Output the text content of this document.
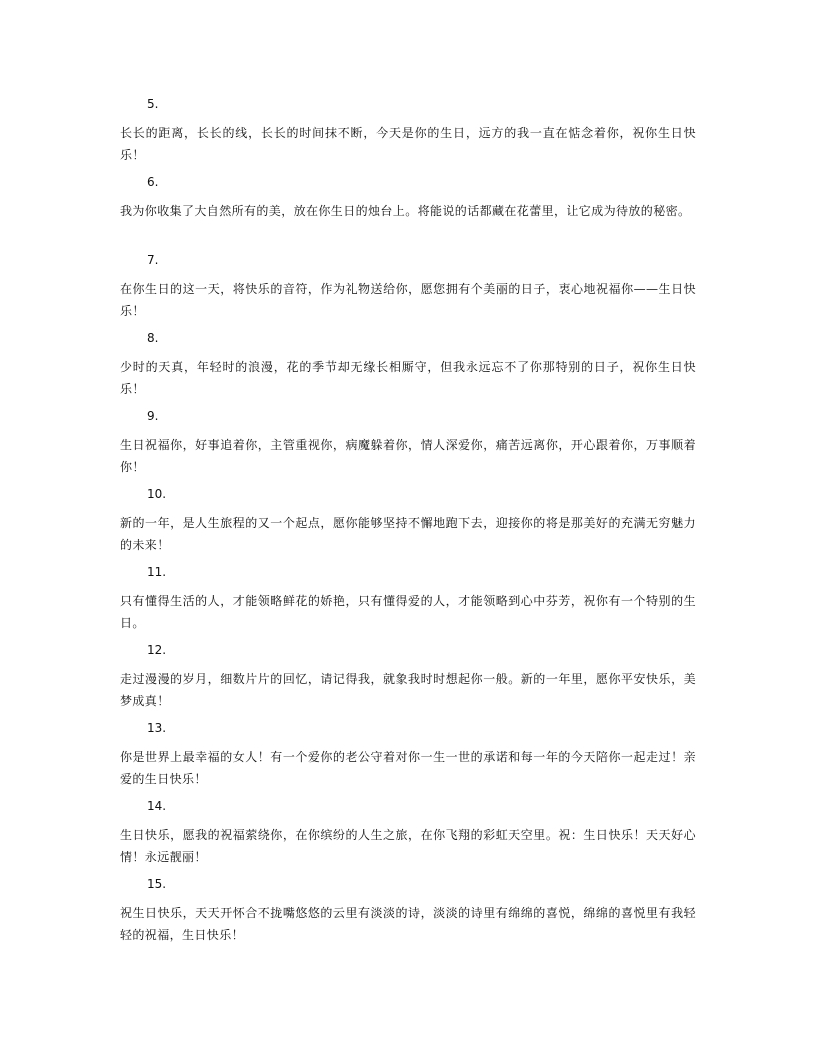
5.
长长的距离，长长的线，长长的时间抹不断，今天是你的生日，远方的我一直在惦念着你，祝你生日快乐！
6.
我为你收集了大自然所有的美，放在你生日的烛台上。将能说的话都藏在花蕾里，让它成为待放的秘密。
7.
在你生日的这一天，将快乐的音符，作为礼物送给你，愿您拥有个美丽的日子，衷心地祝福你——生日快乐！
8.
少时的天真，年轻时的浪漫，花的季节却无缘长相厮守，但我永远忘不了你那特别的日子，祝你生日快乐！
9.
生日祝福你，好事追着你，主管重视你，病魔躲着你，情人深爱你，痛苦远离你，开心跟着你，万事顺着你！
10.
新的一年，是人生旅程的又一个起点，愿你能够坚持不懈地跑下去，迎接你的将是那美好的充满无穷魅力的未来！
11.
只有懂得生活的人，才能领略鲜花的娇艳，只有懂得爱的人，才能领略到心中芬芳，祝你有一个特别的生日。
12.
走过漫漫的岁月，细数片片的回忆，请记得我，就象我时时想起你一般。新的一年里，愿你平安快乐，美梦成真！
13.
你是世界上最幸福的女人！有一个爱你的老公守着对你一生一世的承诺和每一年的今天陪你一起走过！亲爱的生日快乐！
14.
生日快乐，愿我的祝福萦绕你，在你缤纷的人生之旅，在你飞翔的彩虹天空里。祝：生日快乐！天天好心情！永远靓丽！
15.
祝生日快乐，天天开怀合不拢嘴悠悠的云里有淡淡的诗，淡淡的诗里有绵绵的喜悦，绵绵的喜悦里有我轻轻的祝福，生日快乐！
